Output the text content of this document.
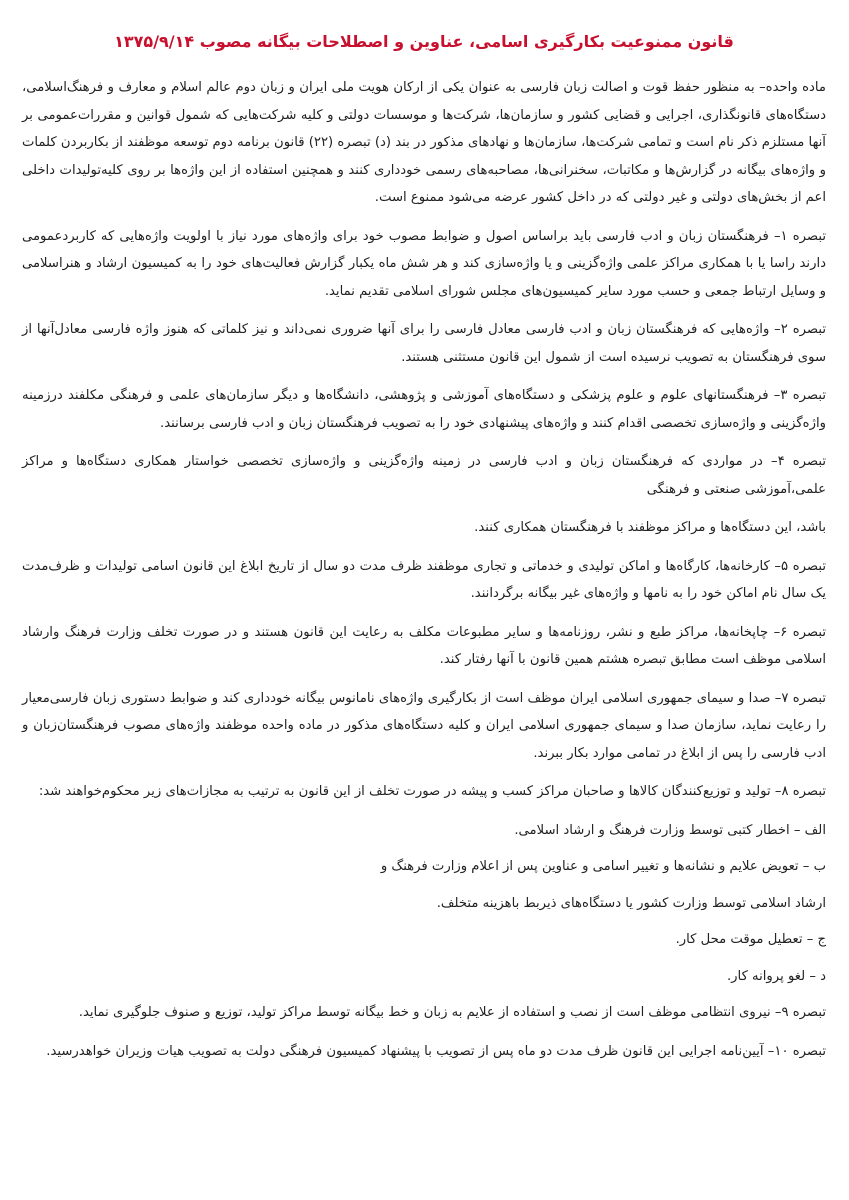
قانون ممنوعیت بکارگیری اسامی، عناوین و اصطلاحات بیگانه مصوب ۱۳۷۵/۹/۱۴

ماده واحده– به منظور حفظ قوت و اصالت زبان فارسی به عنوان یکی از ارکان هویت ملی ایران و زبان دوم عالم اسلام و معارف و فرهنگ‌اسلامی، دستگاه‌های قانونگذاری، اجرایی و قضایی کشور و سازمان‌ها، شرکت‌ها و موسسات دولتی و کلیه شرکت‌هایی که شمول قوانین و مقررات‌عمومی بر آنها مستلزم ذکر نام است و تمامی شرکت‌ها، سازمان‌ها و نهادهای مذکور در بند (د) تبصره (۲۲) قانون برنامه دوم توسعه موظفند از بکاربردن کلمات و واژه‌های بیگانه در گزارش‌ها و مکاتبات، سخنرانی‌ها، مصاحبه‌های رسمی خودداری کنند و همچنین استفاده از این واژه‌ها بر روی کلیه‌تولیدات داخلی اعم از بخش‌های دولتی و غیر دولتی که در داخل کشور عرضه می‌شود ممنوع است.

تبصره ۱– فرهنگستان زبان و ادب فارسی باید براساس اصول و ضوابط مصوب خود برای واژه‌های مورد نیاز با اولویت واژه‌هایی که کاربردعمومی دارند راسا یا با همکاری مراکز علمی واژه‌گزینی و یا واژه‌سازی کند و هر شش ماه یکبار گزارش فعالیت‌های خود را به کمیسیون ارشاد و هنراسلامی و وسایل ارتباط جمعی و حسب مورد سایر کمیسیون‌های مجلس شورای اسلامی تقدیم نماید.

تبصره ۲– واژه‌هایی که فرهنگستان زبان و ادب فارسی معادل فارسی را برای آنها ضروری نمی‌داند و نیز کلماتی که هنوز واژه فارسی معادل‌آنها از سوی فرهنگستان به تصویب نرسیده است از شمول این قانون مستثنی هستند.

تبصره ۳– فرهنگستانهای علوم و علوم پزشکی و دستگاه‌های آموزشی و پژوهشی، دانشگاه‌ها و دیگر سازمان‌های علمی و فرهنگی مکلفند درزمینه واژه‌گزینی و واژه‌سازی تخصصی اقدام کنند و واژه‌های پیشنهادی خود را به تصویب فرهنگستان زبان و ادب فارسی برسانند.

تبصره ۴– در مواردی که فرهنگستان زبان و ادب فارسی در زمینه واژه‌گزینی و واژه‌سازی تخصصی خواستار همکاری دستگاه‌ها و مراکز علمی،آموزشی صنعتی و فرهنگی

باشد، این دستگاه‌ها و مراکز موظفند با فرهنگستان همکاری کنند.

تبصره ۵– کارخانه‌ها، کارگاه‌ها و اماکن تولیدی و خدماتی و تجاری موظفند ظرف مدت دو سال از تاریخ ابلاغ این قانون اسامی تولیدات و ظرف‌مدت یک سال نام اماکن خود را به نامها و واژه‌های غیر بیگانه برگردانند.

تبصره ۶– چاپخانه‌ها، مراکز طبع و نشر، روزنامه‌ها و سایر مطبوعات مکلف به رعایت این قانون هستند و در صورت تخلف وزارت فرهنگ وارشاد اسلامی موظف است مطابق تبصره هشتم همین قانون با آنها رفتار کند.

تبصره ۷– صدا و سیمای جمهوری اسلامی ایران موظف است از بکارگیری واژه‌های نامانوس بیگانه خودداری کند و ضوابط دستوری زبان فارسی‌معیار را رعایت نماید، سازمان صدا و سیمای جمهوری اسلامی ایران و کلیه دستگاه‌های مذکور در ماده واحده موظفند واژه‌های مصوب فرهنگستان‌زبان و ادب فارسی را پس از ابلاغ در تمامی موارد بکار ببرند.

تبصره ۸– تولید و توزیع‌کنندگان کالاها و صاحبان مراکز کسب و پیشه در صورت تخلف از این قانون به ترتیب به مجازات‌های زیر محکوم‌خواهند شد:

الف – اخطار کتبی توسط وزارت فرهنگ و ارشاد اسلامی.

ب – تعویض علایم و نشانه‌ها و تغییر اسامی و عناوین پس از اعلام وزارت فرهنگ و

ارشاد اسلامی توسط وزارت کشور یا دستگاه‌های ذیربط باهزینه متخلف.

ج – تعطیل موقت محل کار.

د – لغو پروانه کار.

تبصره ۹– نیروی انتظامی موظف است از نصب و استفاده از علایم به زبان و خط بیگانه توسط مراکز تولید، توزیع و صنوف جلوگیری نماید.

تبصره ۱۰– آیین‌نامه اجرایی این قانون ظرف مدت دو ماه پس از تصویب با پیشنهاد کمیسیون فرهنگی دولت به تصویب هیات وزیران خواهدرسید.
